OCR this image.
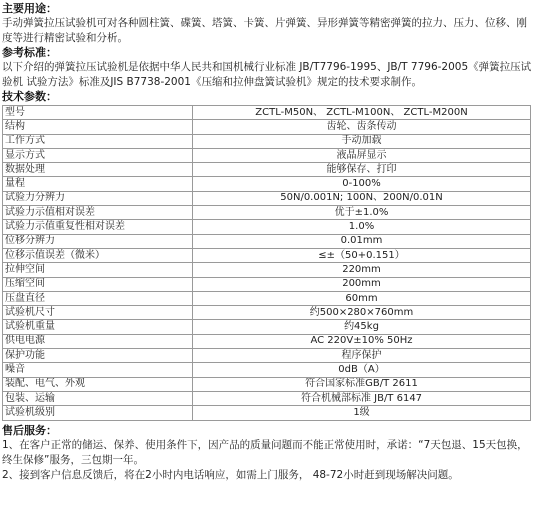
主要用途：
手动弹簧拉压试验机可对各种圆柱簧、碟簧、塔簧、卡簧、片弹簧、异形弹簧等精密弹簧的拉力、压力、位移、刚度等进行精密试验和分析。
参考标准：
以下介绍的弹簧拉压试验机是依据中华人民共和国机械行业标准 JB/T7796-1995、JB/T 7796-2005《弹簧拉压试验机 试验方法》标准及JIS B7738-2001《压缩和拉伸盘簧试验机》规定的技术要求制作。
技术参数：
型号	ZCTL-M50N、 ZCTL-M100N、 ZCTL-M200N
结构	齿轮、齿条传动
工作方式	手动加载
显示方式	液晶屏显示
数据处理	能够保存、打印
量程	0-100%
试验力分辨力	50N/0.001N; 100N、200N/0.01N
试验力示值相对误差	优于±1.0%
试验力示值重复性相对误差	1.0%
位移分辨力	0.01mm
位移示值误差（微米）	≤±（50+0.151）
拉伸空间	220mm
压缩空间	200mm
压盘直径	60mm
试验机尺寸	约500×280×760mm
试验机重量	约45kg
供电电源	AC 220V±10% 50Hz
保护功能	程序保护
噪音	0dB（A）
装配、电气、外观	符合国家标准GB/T 2611
包装、运输	符合机械部标准 JB/T 6147
试验机级别	1级
售后服务：
1、在客户正常的储运、保养、使用条件下，因产品的质量问题而不能正常使用时，承诺：“7天包退、15天包换，终生保修”服务，三包期一年。
2、接到客户信息反馈后，将在2小时内电话响应，如需上门服务， 48-72小时赶到现场解决问题。
